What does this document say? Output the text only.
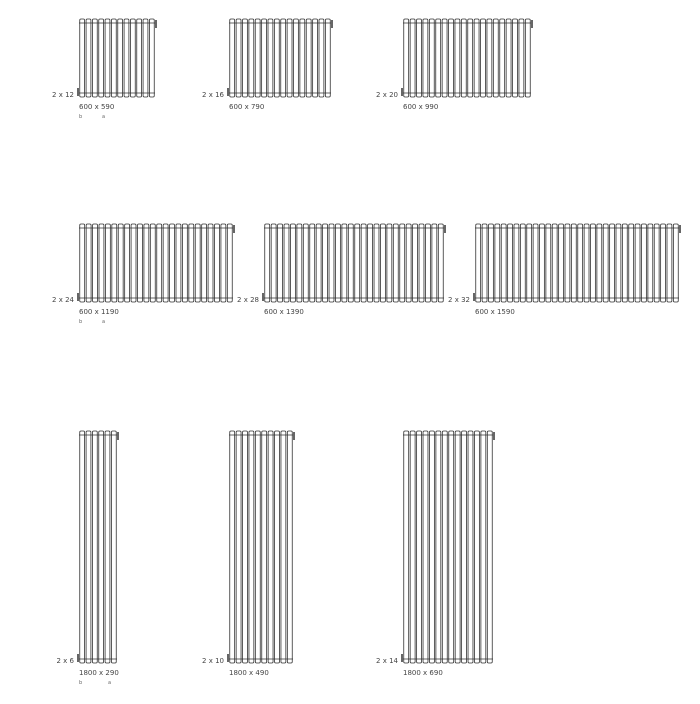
2 x 12
600 x 590
b	a
2 x 16
600 x 790
2 x 20
600 x 990
2 x 24
600 x 1190
b	a
2 x 28
600 x 1390
2 x 32
600 x 1590
2 x 6
1800 x 290
b	a
2 x 10
1800 x 490
2 x 14
1800 x 690
